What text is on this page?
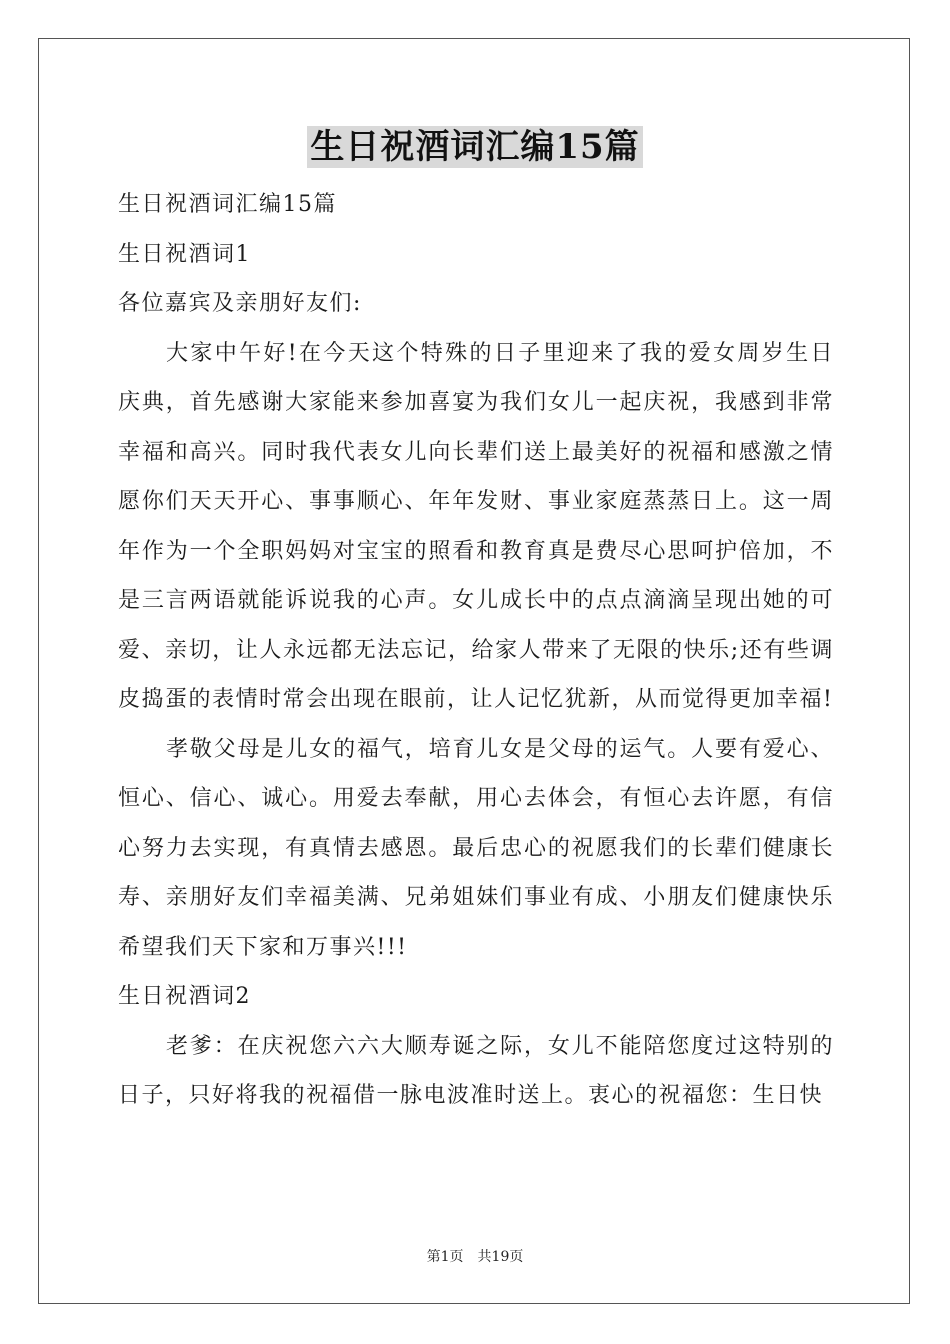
生日祝酒词汇编15篇

生日祝酒词汇编15篇

生日祝酒词1

各位嘉宾及亲朋好友们:

大家中午好!在今天这个特殊的日子里迎来了我的爱女周岁生日庆典，首先感谢大家能来参加喜宴为我们女儿一起庆祝，我感到非常幸福和高兴。同时我代表女儿向长辈们送上最美好的祝福和感激之情愿你们天天开心、事事顺心、年年发财、事业家庭蒸蒸日上。这一周年作为一个全职妈妈对宝宝的照看和教育真是费尽心思呵护倍加，不是三言两语就能诉说我的心声。女儿成长中的点点滴滴呈现出她的可爱、亲切，让人永远都无法忘记，给家人带来了无限的快乐;还有些调皮捣蛋的表情时常会出现在眼前，让人记忆犹新，从而觉得更加幸福!

孝敬父母是儿女的福气，培育儿女是父母的运气。人要有爱心、恒心、信心、诚心。用爱去奉献，用心去体会，有恒心去许愿，有信心努力去实现，有真情去感恩。最后忠心的祝愿我们的长辈们健康长寿、亲朋好友们幸福美满、兄弟姐妹们事业有成、小朋友们健康快乐希望我们天下家和万事兴!!!

生日祝酒词2

老爹：在庆祝您六六大顺寿诞之际，女儿不能陪您度过这特别的日子，只好将我的祝福借一脉电波准时送上。衷心的祝福您：生日快

第1页 共19页
